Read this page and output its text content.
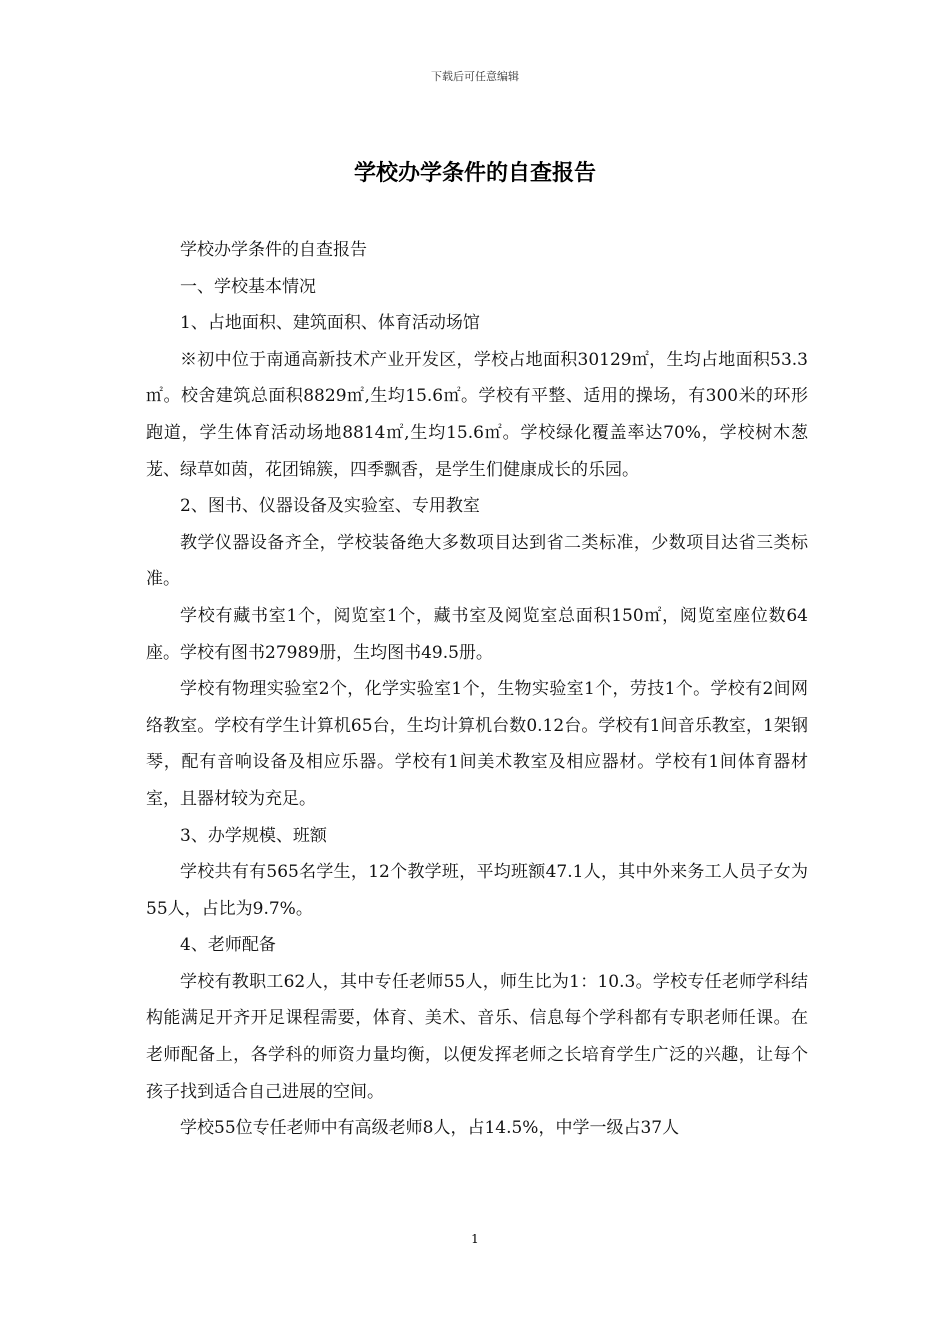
下载后可任意编辑
学校办学条件的自查报告

学校办学条件的自查报告

一、学校基本情况

1、占地面积、建筑面积、体育活动场馆

※初中位于南通高新技术产业开发区，学校占地面积30129㎡，生均占地面积53.3㎡。校舍建筑总面积8829㎡,生均15.6㎡。学校有平整、适用的操场，有300米的环形跑道，学生体育活动场地8814㎡,生均15.6㎡。学校绿化覆盖率达70%，学校树木葱茏、绿草如茵，花团锦簇，四季飘香，是学生们健康成长的乐园。

2、图书、仪器设备及实验室、专用教室

教学仪器设备齐全，学校装备绝大多数项目达到省二类标准，少数项目达省三类标准。

学校有藏书室1个，阅览室1个，藏书室及阅览室总面积150㎡，阅览室座位数64座。学校有图书27989册，生均图书49.5册。

学校有物理实验室2个，化学实验室1个，生物实验室1个，劳技1个。学校有2间网络教室。学校有学生计算机65台，生均计算机台数0.12台。学校有1间音乐教室，1架钢琴，配有音响设备及相应乐器。学校有1间美术教室及相应器材。学校有1间体育器材室，且器材较为充足。

3、办学规模、班额

学校共有有565名学生，12个教学班，平均班额47.1人，其中外来务工人员子女为55人，占比为9.7%。

4、老师配备

学校有教职工62人，其中专任老师55人，师生比为1：10.3。学校专任老师学科结构能满足开齐开足课程需要，体育、美术、音乐、信息每个学科都有专职老师任课。在老师配备上，各学科的师资力量均衡，以便发挥老师之长培育学生广泛的兴趣，让每个孩子找到适合自己进展的空间。

学校55位专任老师中有高级老师8人，占14.5%，中学一级占37人

1
